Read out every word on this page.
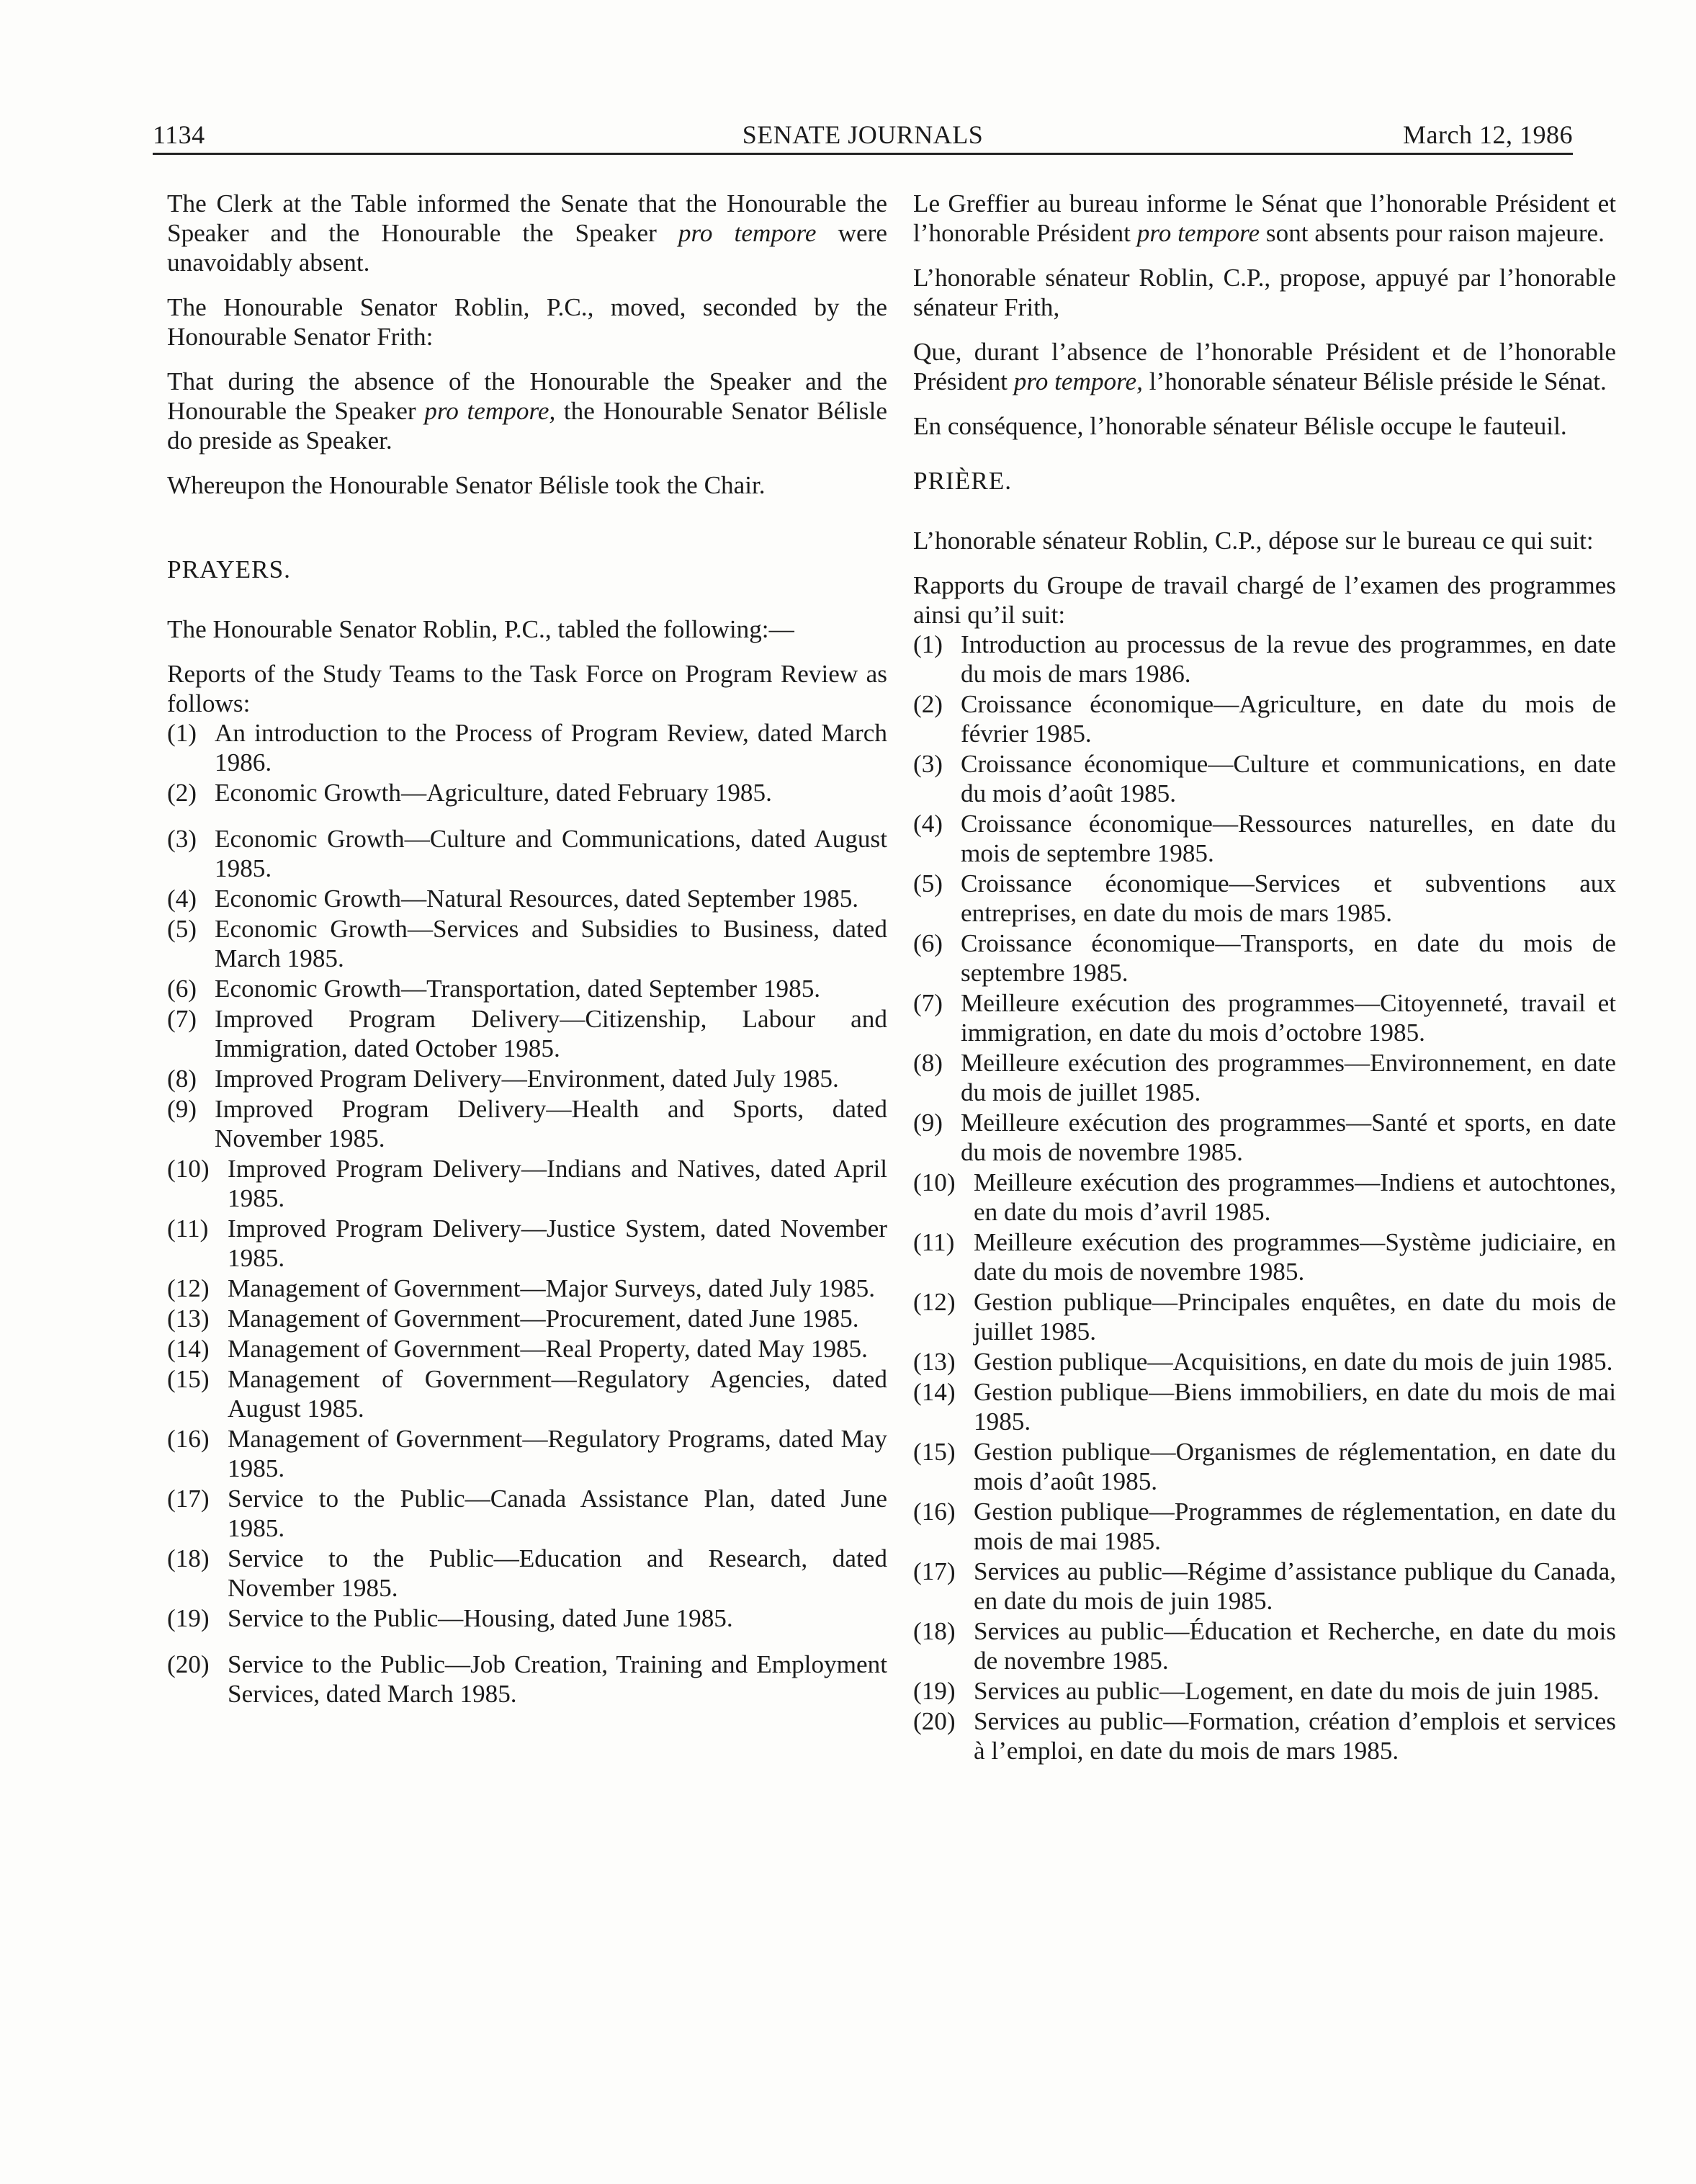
1134	SENATE JOURNALS	March 12, 1986

The Clerk at the Table informed the Senate that the Honourable the Speaker and the Honourable the Speaker pro tempore were unavoidably absent.

The Honourable Senator Roblin, P.C., moved, seconded by the Honourable Senator Frith:

That during the absence of the Honourable the Speaker and the Honourable the Speaker pro tempore, the Honourable Senator Bélisle do preside as Speaker.

Whereupon the Honourable Senator Bélisle took the Chair.

PRAYERS.

The Honourable Senator Roblin, P.C., tabled the following:—

Reports of the Study Teams to the Task Force on Program Review as follows:

(1) An introduction to the Process of Program Review, dated March 1986.
(2) Economic Growth—Agriculture, dated February 1985.
(3) Economic Growth—Culture and Communications, dated August 1985.
(4) Economic Growth—Natural Resources, dated September 1985.
(5) Economic Growth—Services and Subsidies to Business, dated March 1985.
(6) Economic Growth—Transportation, dated September 1985.
(7) Improved Program Delivery—Citizenship, Labour and Immigration, dated October 1985.
(8) Improved Program Delivery—Environment, dated July 1985.
(9) Improved Program Delivery—Health and Sports, dated November 1985.
(10) Improved Program Delivery—Indians and Natives, dated April 1985.
(11) Improved Program Delivery—Justice System, dated November 1985.
(12) Management of Government—Major Surveys, dated July 1985.
(13) Management of Government—Procurement, dated June 1985.
(14) Management of Government—Real Property, dated May 1985.
(15) Management of Government—Regulatory Agencies, dated August 1985.
(16) Management of Government—Regulatory Programs, dated May 1985.
(17) Service to the Public—Canada Assistance Plan, dated June 1985.
(18) Service to the Public—Education and Research, dated November 1985.
(19) Service to the Public—Housing, dated June 1985.
(20) Service to the Public—Job Creation, Training and Employment Services, dated March 1985.

Le Greffier au bureau informe le Sénat que l’honorable Président et l’honorable Président pro tempore sont absents pour raison majeure.

L’honorable sénateur Roblin, C.P., propose, appuyé par l’honorable sénateur Frith,

Que, durant l’absence de l’honorable Président et de l’honorable Président pro tempore, l’honorable sénateur Bélisle préside le Sénat.

En conséquence, l’honorable sénateur Bélisle occupe le fauteuil.

PRIÈRE.

L’honorable sénateur Roblin, C.P., dépose sur le bureau ce qui suit:

Rapports du Groupe de travail chargé de l’examen des programmes ainsi qu’il suit:

(1) Introduction au processus de la revue des programmes, en date du mois de mars 1986.
(2) Croissance économique—Agriculture, en date du mois de février 1985.
(3) Croissance économique—Culture et communications, en date du mois d’août 1985.
(4) Croissance économique—Ressources naturelles, en date du mois de septembre 1985.
(5) Croissance économique—Services et subventions aux entreprises, en date du mois de mars 1985.
(6) Croissance économique—Transports, en date du mois de septembre 1985.
(7) Meilleure exécution des programmes—Citoyenneté, travail et immigration, en date du mois d’octobre 1985.
(8) Meilleure exécution des programmes—Environnement, en date du mois de juillet 1985.
(9) Meilleure exécution des programmes—Santé et sports, en date du mois de novembre 1985.
(10) Meilleure exécution des programmes—Indiens et autochtones, en date du mois d’avril 1985.
(11) Meilleure exécution des programmes—Système judiciaire, en date du mois de novembre 1985.
(12) Gestion publique—Principales enquêtes, en date du mois de juillet 1985.
(13) Gestion publique—Acquisitions, en date du mois de juin 1985.
(14) Gestion publique—Biens immobiliers, en date du mois de mai 1985.
(15) Gestion publique—Organismes de réglementation, en date du mois d’août 1985.
(16) Gestion publique—Programmes de réglementation, en date du mois de mai 1985.
(17) Services au public—Régime d’assistance publique du Canada, en date du mois de juin 1985.
(18) Services au public—Éducation et Recherche, en date du mois de novembre 1985.
(19) Services au public—Logement, en date du mois de juin 1985.
(20) Services au public—Formation, création d’emplois et services à l’emploi, en date du mois de mars 1985.
